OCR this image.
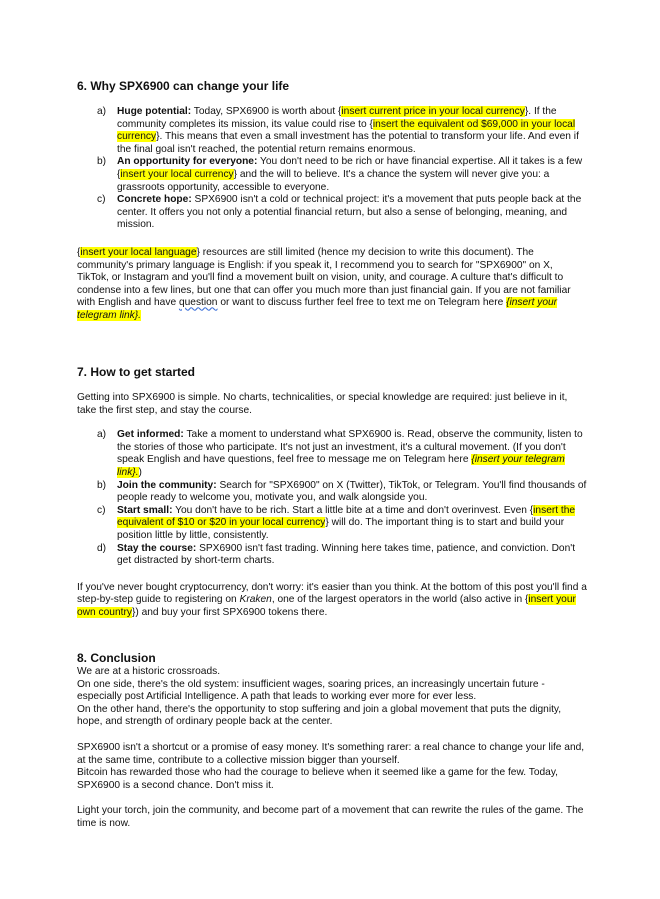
6. Why SPX6900 can change your life
a) Huge potential: Today, SPX6900 is worth about {insert current price in your local currency}. If the community completes its mission, its value could rise to {insert the equivalent od $69,000 in your local currency}. This means that even a small investment has the potential to transform your life. And even if the final goal isn't reached, the potential return remains enormous.
b) An opportunity for everyone: You don't need to be rich or have financial expertise. All it takes is a few {insert your local currency} and the will to believe. It's a chance the system will never give you: a grassroots opportunity, accessible to everyone.
c) Concrete hope: SPX6900 isn't a cold or technical project: it's a movement that puts people back at the center. It offers you not only a potential financial return, but also a sense of belonging, meaning, and mission.

{insert your local language} resources are still limited (hence my decision to write this document). The community's primary language is English: if you speak it, I recommend you to search for "SPX6900" on X, TikTok, or Instagram and you'll find a movement built on vision, unity, and courage. A culture that's difficult to condense into a few lines, but one that can offer you much more than just financial gain. If you are not familiar with English and have question or want to discuss further feel free to text me on Telegram here {insert your telegram link}.

7. How to get started

Getting into SPX6900 is simple. No charts, technicalities, or special knowledge are required: just believe in it, take the first step, and stay the course.

a) Get informed: Take a moment to understand what SPX6900 is. Read, observe the community, listen to the stories of those who participate. It's not just an investment, it's a cultural movement. (If you don't speak English and have questions, feel free to message me on Telegram here {insert your telegram link}.)
b) Join the community: Search for "SPX6900" on X (Twitter), TikTok, or Telegram. You'll find thousands of people ready to welcome you, motivate you, and walk alongside you.
c) Start small: You don't have to be rich. Start a little bite at a time and don't overinvest. Even {insert the equivalent of $10 or $20 in your local currency} will do. The important thing is to start and build your position little by little, consistently.
d) Stay the course: SPX6900 isn't fast trading. Winning here takes time, patience, and conviction. Don't get distracted by short-term charts.

If you've never bought cryptocurrency, don't worry: it's easier than you think. At the bottom of this post you'll find a step-by-step guide to registering on Kraken, one of the largest operators in the world (also active in {insert your own country}) and buy your first SPX6900 tokens there.

8. Conclusion

We are at a historic crossroads.

On one side, there's the old system: insufficient wages, soaring prices, an increasingly uncertain future - especially post Artificial Intelligence. A path that leads to working ever more for ever less.

On the other hand, there's the opportunity to stop suffering and join a global movement that puts the dignity, hope, and strength of ordinary people back at the center.

SPX6900 isn't a shortcut or a promise of easy money. It's something rarer: a real chance to change your life and, at the same time, contribute to a collective mission bigger than yourself.

Bitcoin has rewarded those who had the courage to believe when it seemed like a game for the few. Today, SPX6900 is a second chance. Don't miss it.

Light your torch, join the community, and become part of a movement that can rewrite the rules of the game. The time is now.
